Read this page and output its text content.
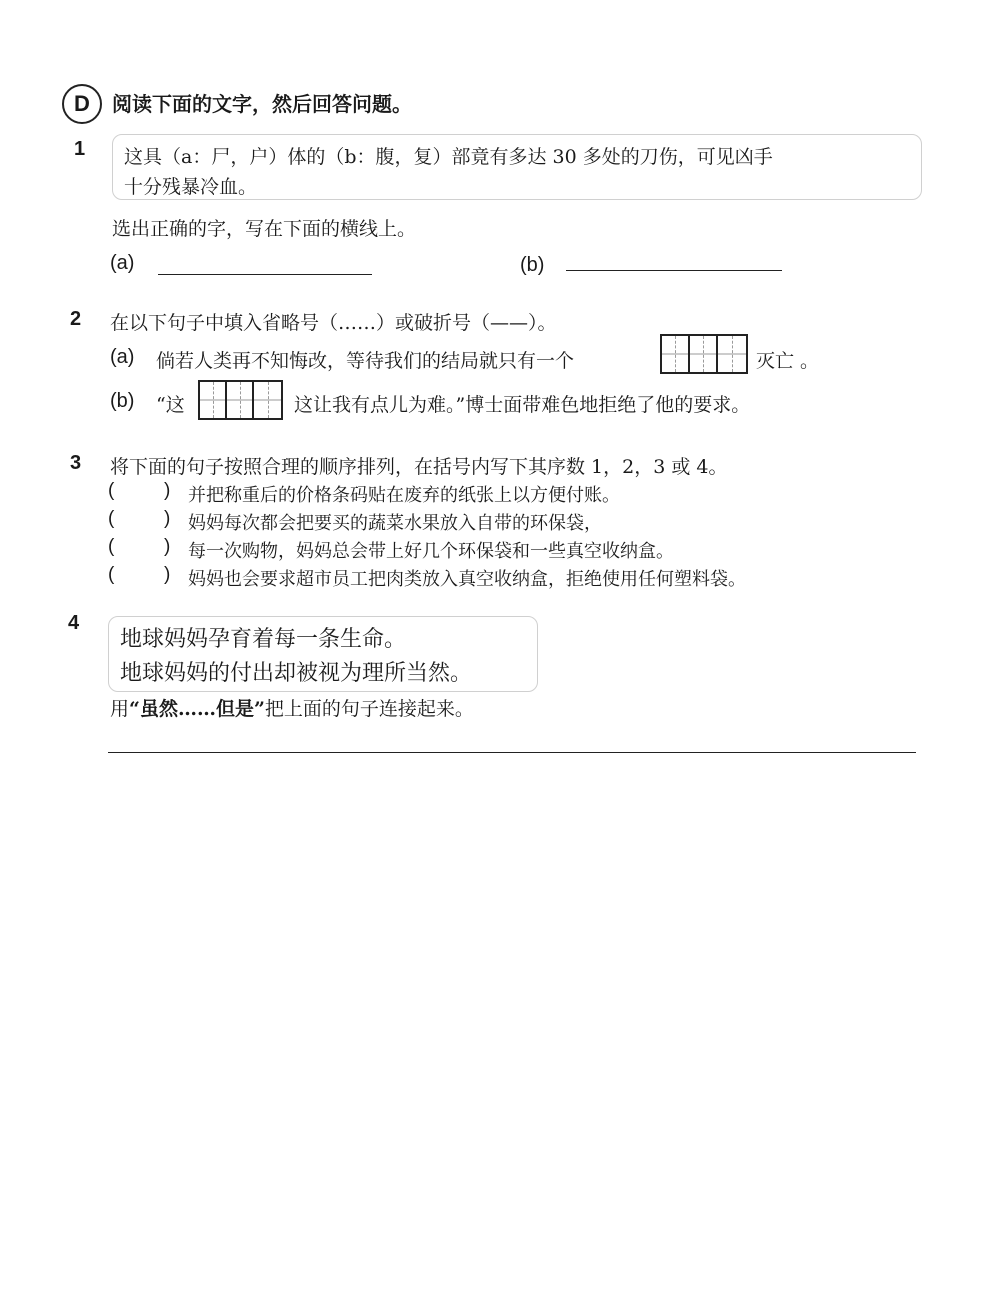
D	阅读下面的文字，然后回答问题。
1 这具（a：尸，户）体的（b：腹，复）部竟有多达 30 多处的刀伤，可见凶手
十分残暴冷血。
选出正确的字，写在下面的横线上。
(a)	(b)
2 在以下句子中填入省略号（……）或破折号（——）。
(a) 倘若人类再不知悔改，等待我们的结局就只有一个	灭亡 。
(b) “这	这让我有点儿为难。”博士面带难色地拒绝了他的要求。
3 将下面的句子按照合理的顺序排列，在括号内写下其序数 1，2，3 或 4。
(	) 并把称重后的价格条码贴在废弃的纸张上以方便付账。
(	) 妈妈每次都会把要买的蔬菜水果放入自带的环保袋，
(	) 每一次购物，妈妈总会带上好几个环保袋和一些真空收纳盒。
(	) 妈妈也会要求超市员工把肉类放入真空收纳盒，拒绝使用任何塑料袋。
4
地球妈妈孕育着每一条生命。
地球妈妈的付出却被视为理所当然。
用“虽然……但是”把上面的句子连接起来。
